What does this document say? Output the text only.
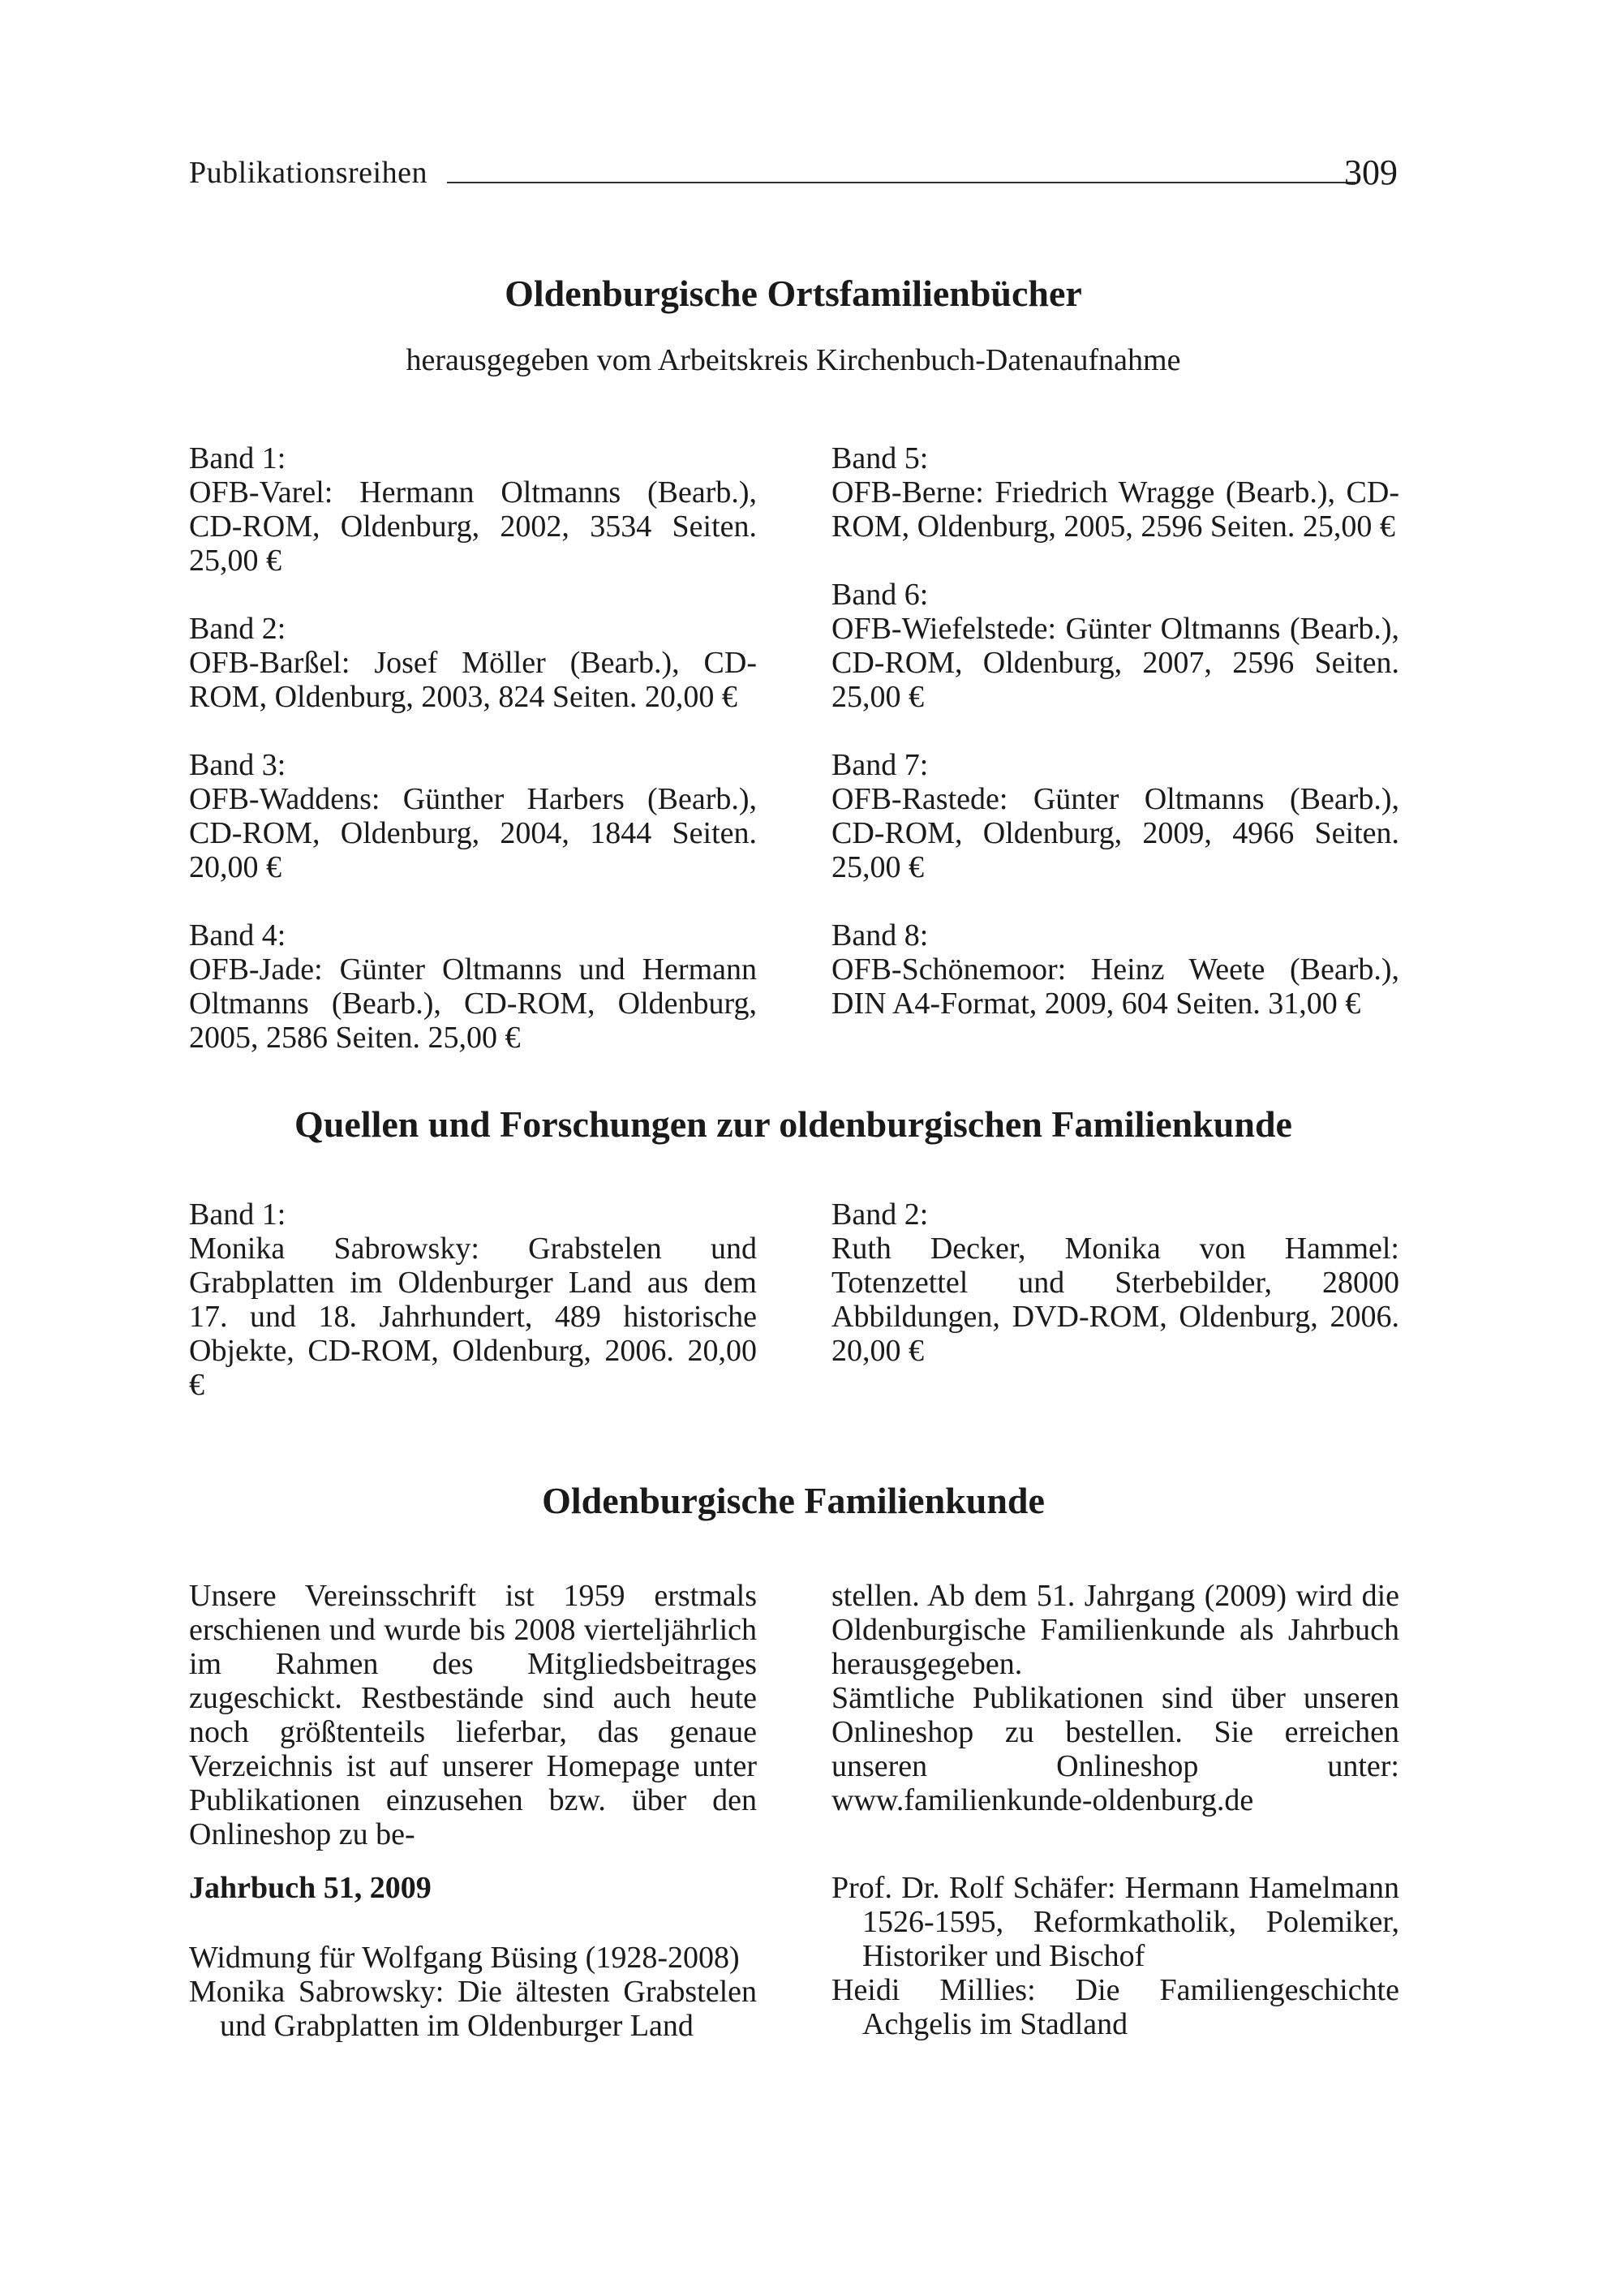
Publikationsreihen	309
Oldenburgische Ortsfamilienbücher
herausgegeben vom Arbeitskreis Kirchenbuch-Datenaufnahme
Band 1:
OFB-Varel: Hermann Oltmanns (Bearb.), CD-ROM, Oldenburg, 2002, 3534 Seiten. 25,00 €
Band 2:
OFB-Barßel: Josef Möller (Bearb.), CD-ROM, Oldenburg, 2003, 824 Seiten. 20,00 €
Band 3:
OFB-Waddens: Günther Harbers (Bearb.), CD-ROM, Oldenburg, 2004, 1844 Seiten. 20,00 €
Band 4:
OFB-Jade: Günter Oltmanns und Hermann Oltmanns (Bearb.), CD-ROM, Oldenburg, 2005, 2586 Seiten. 25,00 €
Band 5:
OFB-Berne: Friedrich Wragge (Bearb.), CD-ROM, Oldenburg, 2005, 2596 Seiten. 25,00 €
Band 6:
OFB-Wiefelstede: Günter Oltmanns (Bearb.), CD-ROM, Oldenburg, 2007, 2596 Seiten. 25,00 €
Band 7:
OFB-Rastede: Günter Oltmanns (Bearb.), CD-ROM, Oldenburg, 2009, 4966 Seiten. 25,00 €
Band 8:
OFB-Schönemoor: Heinz Weete (Bearb.), DIN A4-Format, 2009, 604 Seiten. 31,00 €
Quellen und Forschungen zur oldenburgischen Familienkunde
Band 1:
Monika Sabrowsky: Grabstelen und Grabplatten im Oldenburger Land aus dem 17. und 18. Jahrhundert, 489 historische Objekte, CD-ROM, Oldenburg, 2006. 20,00 €
Band 2:
Ruth Decker, Monika von Hammel: Totenzettel und Sterbebilder, 28000 Abbildungen, DVD-ROM, Oldenburg, 2006. 20,00 €
Oldenburgische Familienkunde

Unsere Vereinsschrift ist 1959 erstmals erschienen und wurde bis 2008 vierteljährlich im Rahmen des Mitgliedsbeitrages zugeschickt. Restbestände sind auch heute noch größtenteils lieferbar, das genaue Verzeichnis ist auf unserer Homepage unter Publikationen einzusehen bzw. über den Onlineshop zu be-

stellen. Ab dem 51. Jahrgang (2009) wird die Oldenburgische Familienkunde als Jahrbuch herausgegeben.

Sämtliche Publikationen sind über unseren Onlineshop zu bestellen. Sie erreichen unseren Onlineshop unter: www.familienkunde-oldenburg.de

Jahrbuch 51, 2009

Widmung für Wolfgang Büsing (1928-2008)
Monika Sabrowsky: Die ältesten Grabstelen und Grabplatten im Oldenburger Land
Prof. Dr. Rolf Schäfer: Hermann Hamelmann 1526-1595, Reformkatholik, Polemiker, Historiker und Bischof
Heidi Millies: Die Familiengeschichte Achgelis im Stadland
